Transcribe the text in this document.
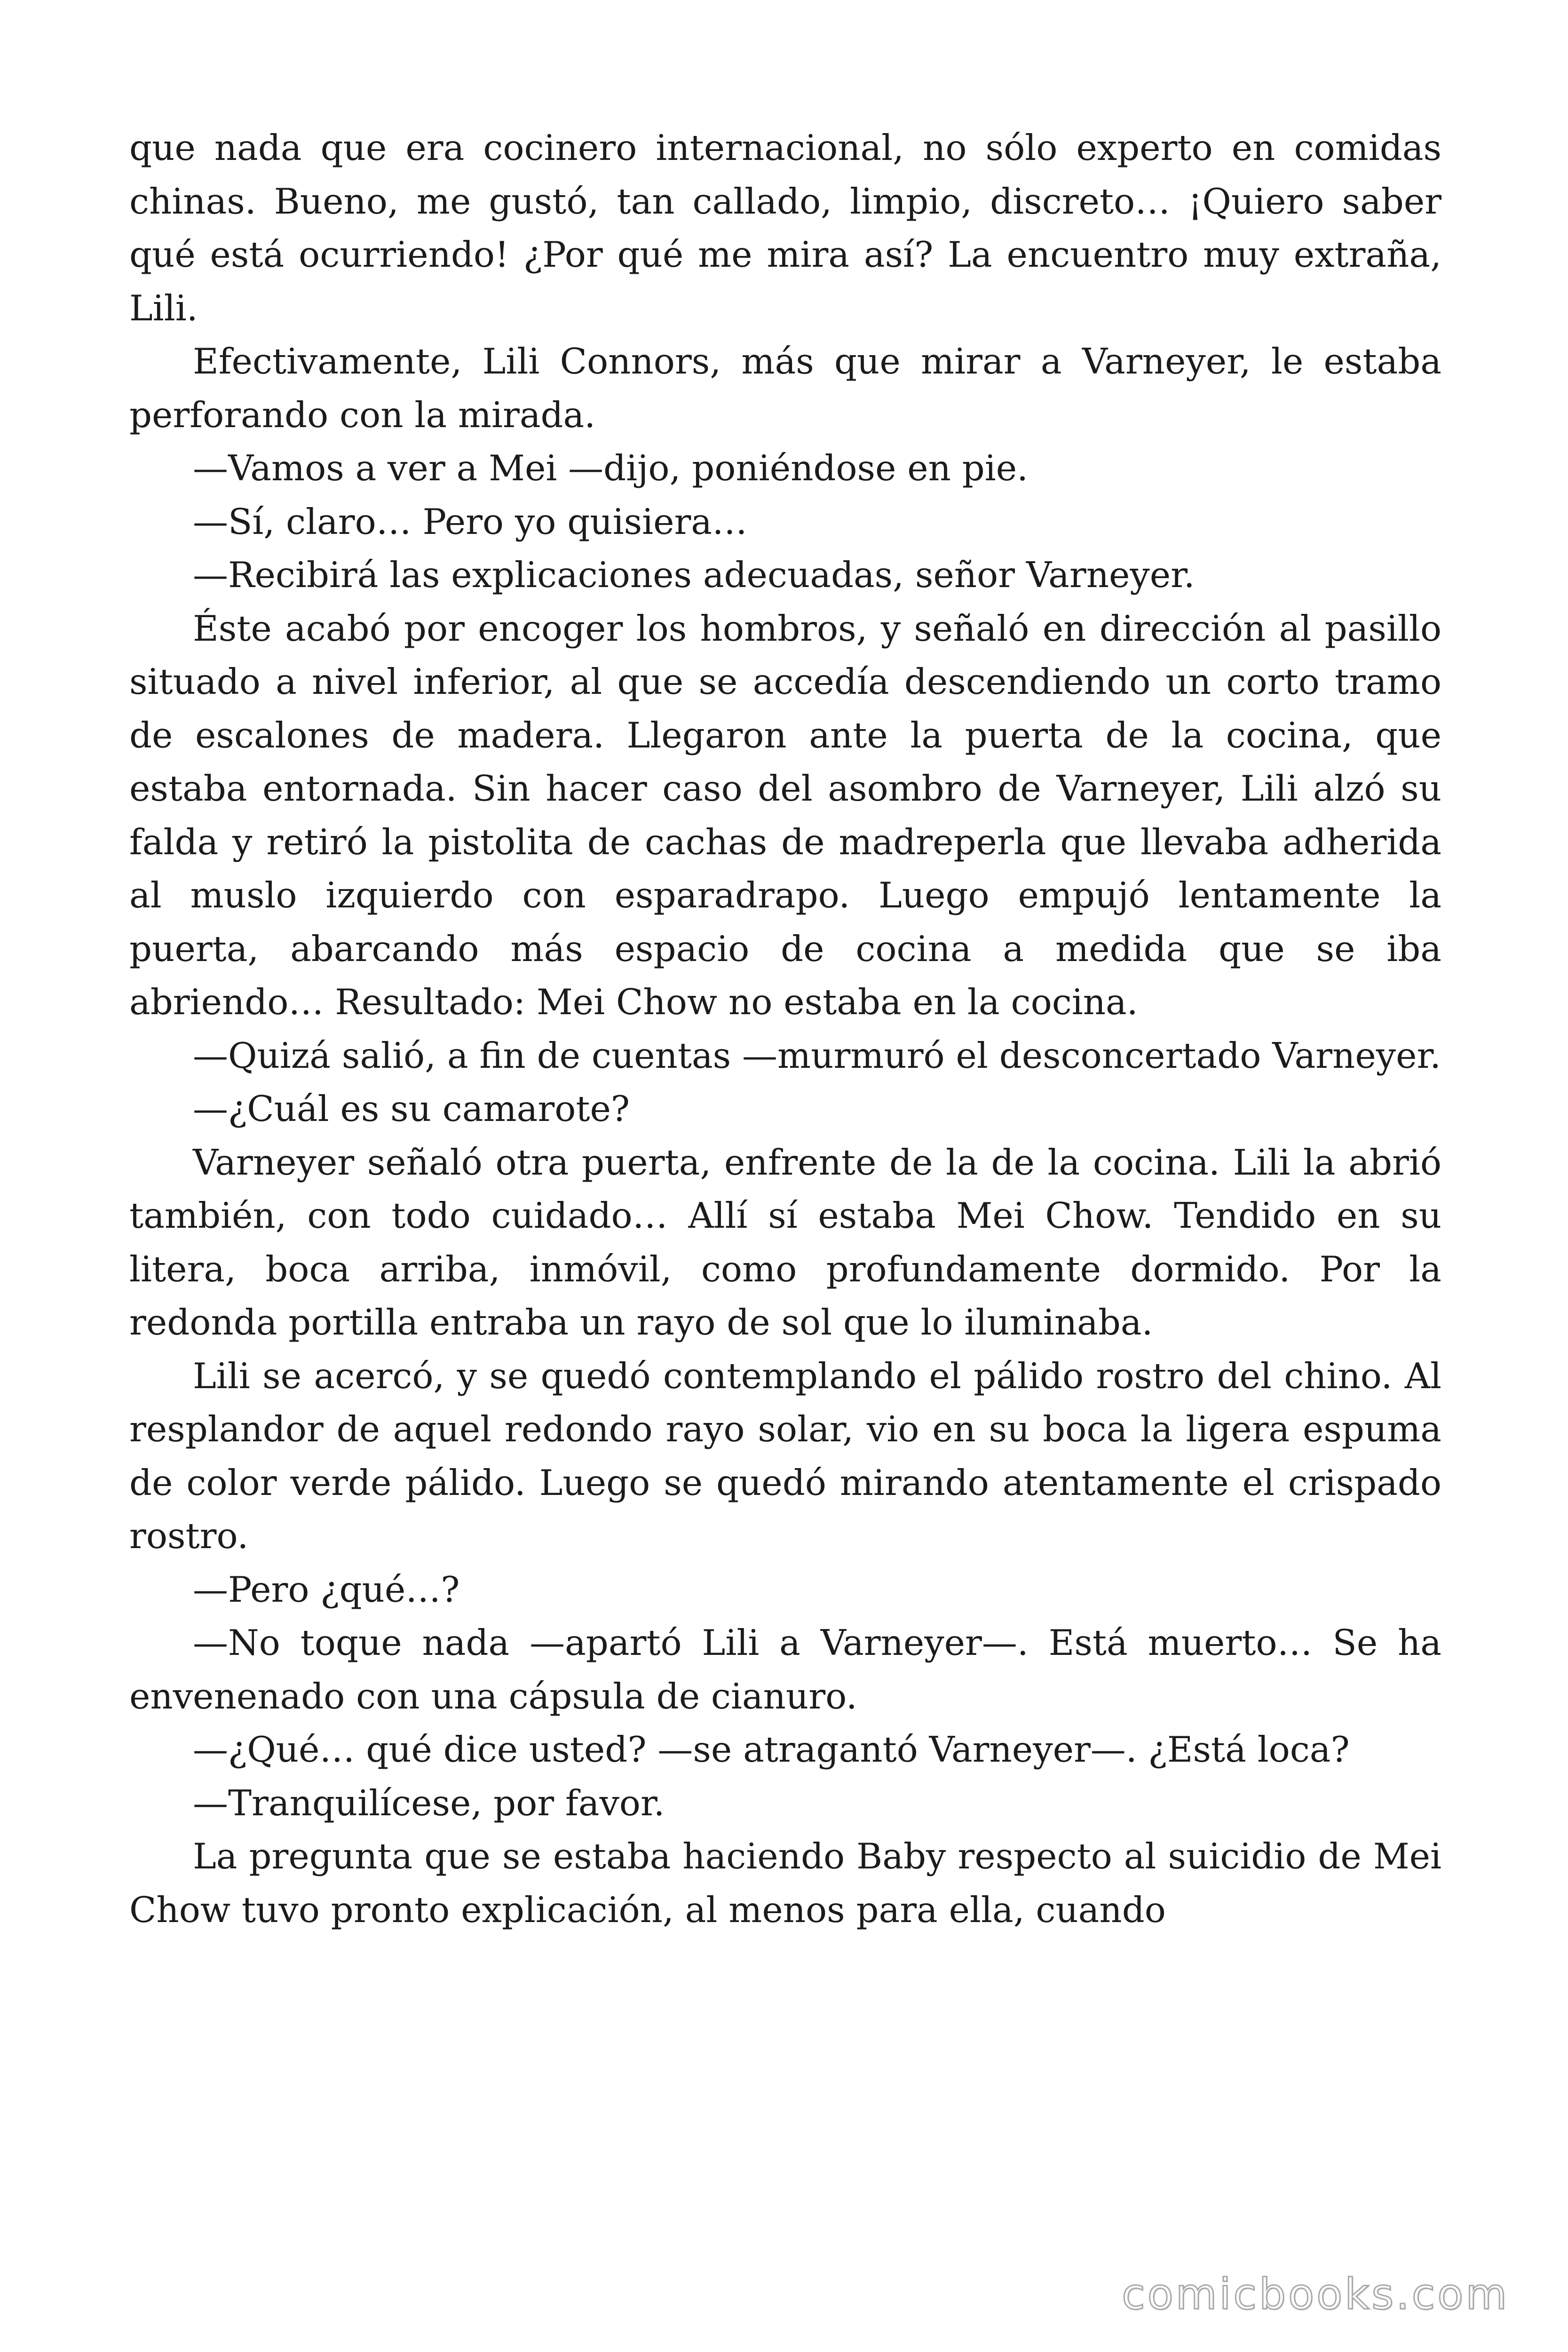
que nada que era cocinero internacional, no sólo experto en comidas chinas. Bueno, me gustó, tan callado, limpio, discreto… ¡Quiero saber qué está ocurriendo! ¿Por qué me mira así? La encuentro muy extraña, Lili.

Efectivamente, Lili Connors, más que mirar a Varneyer, le estaba perforando con la mirada.

—Vamos a ver a Mei —dijo, poniéndose en pie.

—Sí, claro… Pero yo quisiera…

—Recibirá las explicaciones adecuadas, señor Varneyer.

Éste acabó por encoger los hombros, y señaló en dirección al pasillo situado a nivel inferior, al que se accedía descendiendo un corto tramo de escalones de madera. Llegaron ante la puerta de la cocina, que estaba entornada. Sin hacer caso del asombro de Varneyer, Lili alzó su falda y retiró la pistolita de cachas de madreperla que llevaba adherida al muslo izquierdo con esparadrapo. Luego empujó lentamente la puerta, abarcando más espacio de cocina a medida que se iba abriendo… Resultado: Mei Chow no estaba en la cocina.

—Quizá salió, a fin de cuentas —murmuró el desconcertado Varneyer.

—¿Cuál es su camarote?

Varneyer señaló otra puerta, enfrente de la de la cocina. Lili la abrió también, con todo cuidado… Allí sí estaba Mei Chow. Tendido en su litera, boca arriba, inmóvil, como profundamente dormido. Por la redonda portilla entraba un rayo de sol que lo iluminaba.

Lili se acercó, y se quedó contemplando el pálido rostro del chino. Al resplandor de aquel redondo rayo solar, vio en su boca la ligera espuma de color verde pálido. Luego se quedó mirando atentamente el crispado rostro.

—Pero ¿qué…?

—No toque nada —apartó Lili a Varneyer—. Está muerto… Se ha envenenado con una cápsula de cianuro.

—¿Qué… qué dice usted? —se atragantó Varneyer—. ¿Está loca?

—Tranquilícese, por favor.

La pregunta que se estaba haciendo Baby respecto al suicidio de Mei Chow tuvo pronto explicación, al menos para ella, cuando

comicbooks.com
